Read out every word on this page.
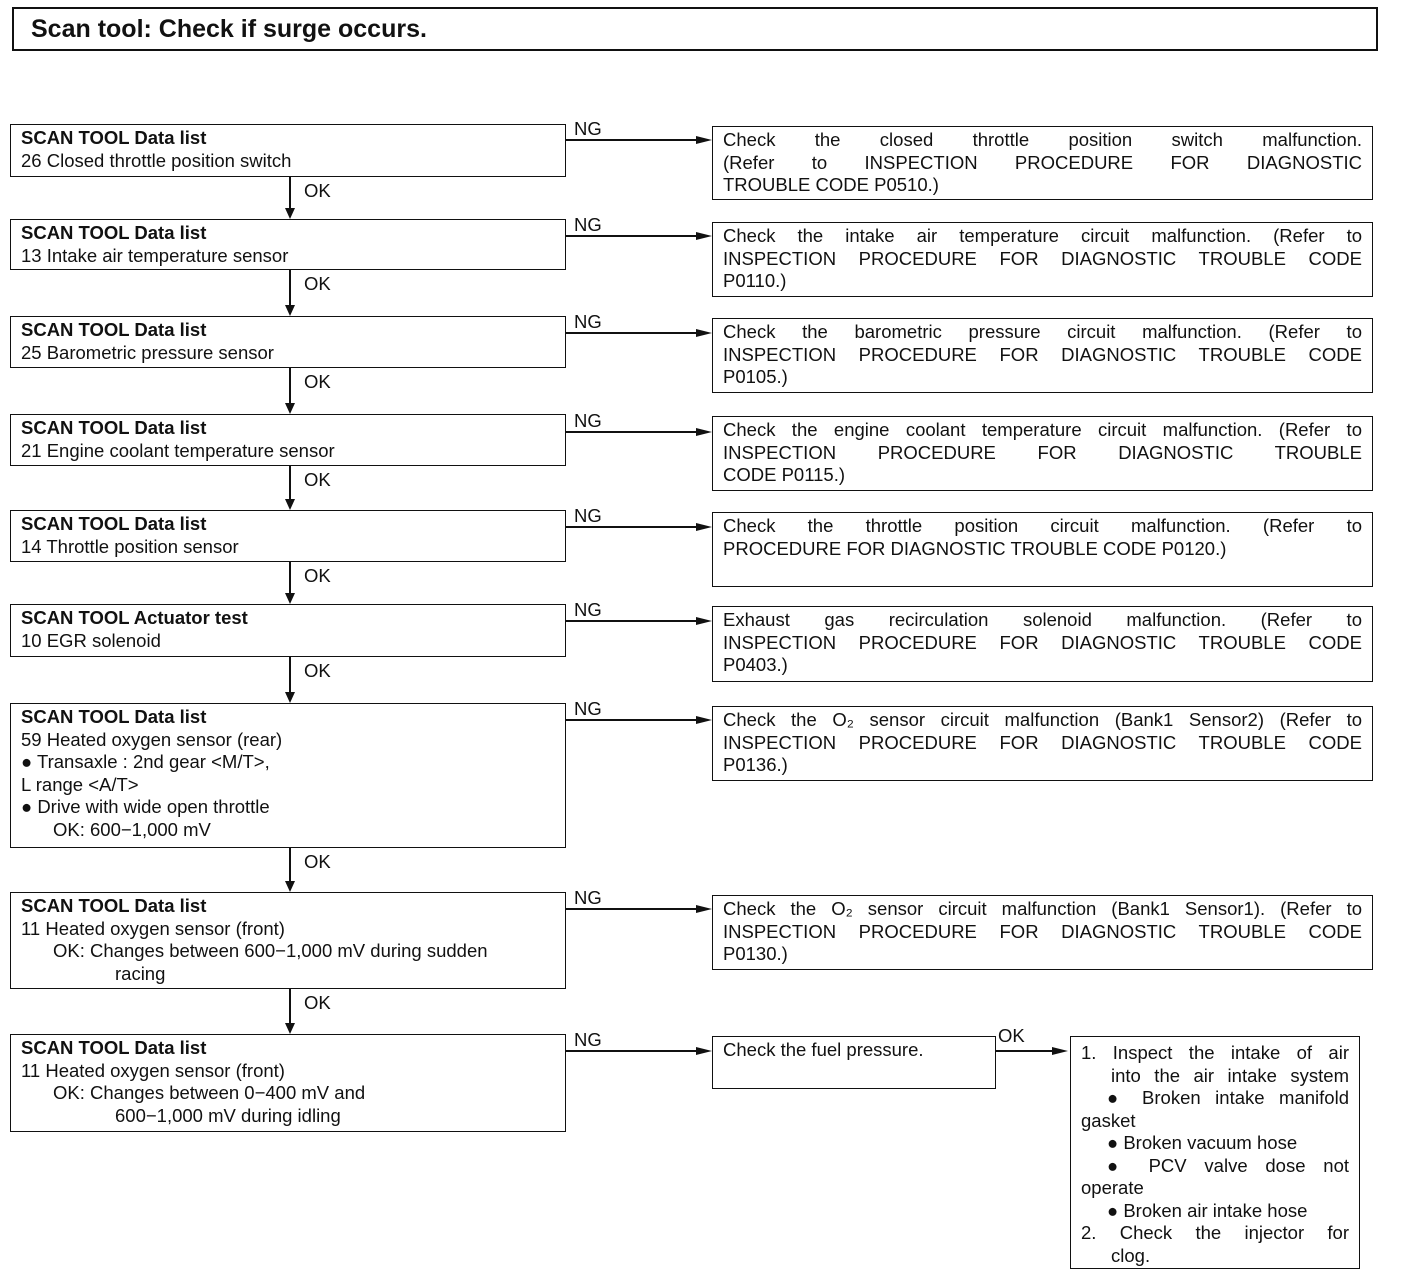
Scan tool: Check if surge occurs.
SCAN TOOL Data list
26 Closed throttle position switch
Check the closed throttle position switch malfunction.
(Refer to INSPECTION PROCEDURE FOR DIAGNOSTIC
TROUBLE CODE P0510.)
NG
OK
SCAN TOOL Data list
13 Intake air temperature sensor
Check the intake air temperature circuit malfunction. (Refer to
INSPECTION PROCEDURE FOR DIAGNOSTIC TROUBLE CODE
P0110.)
NG
OK
SCAN TOOL Data list
25 Barometric pressure sensor
Check the barometric pressure circuit malfunction. (Refer to
INSPECTION PROCEDURE FOR DIAGNOSTIC TROUBLE CODE
P0105.)
NG
OK
SCAN TOOL Data list
21 Engine coolant temperature sensor
Check the engine coolant temperature circuit malfunction. (Refer to
INSPECTION PROCEDURE FOR DIAGNOSTIC TROUBLE
CODE P0115.)
NG
OK
SCAN TOOL Data list
14 Throttle position sensor
Check the throttle position circuit malfunction. (Refer to
PROCEDURE FOR DIAGNOSTIC TROUBLE CODE P0120.)
NG
OK
SCAN TOOL Actuator test
10 EGR solenoid
Exhaust gas recirculation solenoid malfunction. (Refer to
INSPECTION PROCEDURE FOR DIAGNOSTIC TROUBLE CODE
P0403.)
NG
OK
SCAN TOOL Data list
59 Heated oxygen sensor (rear)
● Transaxle : 2nd gear <M/T>,
L range <A/T>
● Drive with wide open throttle
OK: 600−1,000 mV
Check the O₂ sensor circuit malfunction (Bank1 Sensor2) (Refer to
INSPECTION PROCEDURE FOR DIAGNOSTIC TROUBLE CODE
P0136.)
NG
OK
SCAN TOOL Data list
11 Heated oxygen sensor (front)
OK: Changes between 600−1,000 mV during sudden
racing
Check the O₂ sensor circuit malfunction (Bank1 Sensor1). (Refer to
INSPECTION PROCEDURE FOR DIAGNOSTIC TROUBLE CODE
P0130.)
NG
OK
SCAN TOOL Data list
11 Heated oxygen sensor (front)
OK: Changes between 0−400 mV and
600−1,000 mV during idling
Check the fuel pressure.
NG	OK
1. Inspect the intake of air
into the air intake system
● Broken intake manifold
gasket
● Broken vacuum hose
● PCV valve dose not
operate
● Broken air intake hose
2. Check the injector for
clog.
